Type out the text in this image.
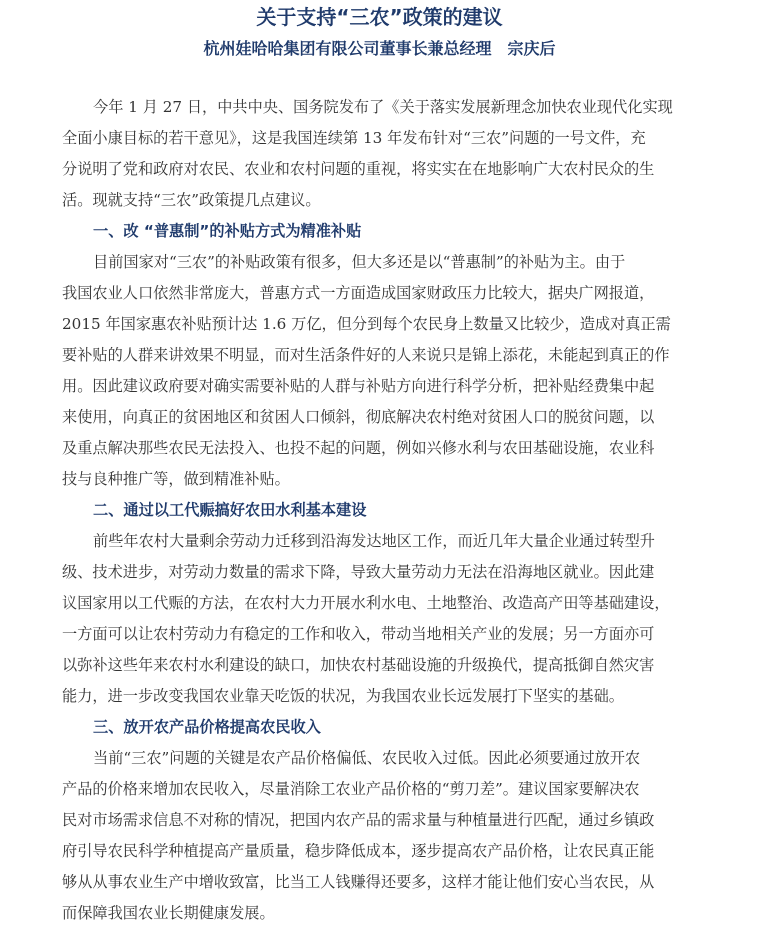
关于支持“三农”政策的建议
杭州娃哈哈集团有限公司董事长兼总经理　宗庆后
今年 1 月 27 日，中共中央、国务院发布了《关于落实发展新理念加快农业现代化实现
全面小康目标的若干意见》，这是我国连续第 13 年发布针对“三农”问题的一号文件，充
分说明了党和政府对农民、农业和农村问题的重视，将实实在在地影响广大农村民众的生
活。现就支持“三农”政策提几点建议。
一、改 “普惠制”的补贴方式为精准补贴
目前国家对“三农”的补贴政策有很多，但大多还是以“普惠制”的补贴为主。由于
我国农业人口依然非常庞大，普惠方式一方面造成国家财政压力比较大，据央广网报道，
2015 年国家惠农补贴预计达 1.6 万亿，但分到每个农民身上数量又比较少，造成对真正需
要补贴的人群来讲效果不明显，而对生活条件好的人来说只是锦上添花，未能起到真正的作
用。因此建议政府要对确实需要补贴的人群与补贴方向进行科学分析，把补贴经费集中起
来使用，向真正的贫困地区和贫困人口倾斜，彻底解决农村绝对贫困人口的脱贫问题，以
及重点解决那些农民无法投入、也投不起的问题，例如兴修水利与农田基础设施，农业科
技与良种推广等，做到精准补贴。
二、通过以工代赈搞好农田水利基本建设
前些年农村大量剩余劳动力迁移到沿海发达地区工作，而近几年大量企业通过转型升
级、技术进步，对劳动力数量的需求下降，导致大量劳动力无法在沿海地区就业。因此建
议国家用以工代赈的方法，在农村大力开展水利水电、土地整治、改造高产田等基础建设，
一方面可以让农村劳动力有稳定的工作和收入，带动当地相关产业的发展；另一方面亦可
以弥补这些年来农村水利建设的缺口，加快农村基础设施的升级换代，提高抵御自然灾害
能力，进一步改变我国农业靠天吃饭的状况，为我国农业长远发展打下坚实的基础。
三、放开农产品价格提高农民收入
当前“三农”问题的关键是农产品价格偏低、农民收入过低。因此必须要通过放开农
产品的价格来增加农民收入，尽量消除工农业产品价格的“剪刀差”。建议国家要解决农
民对市场需求信息不对称的情况，把国内农产品的需求量与种植量进行匹配，通过乡镇政
府引导农民科学种植提高产量质量，稳步降低成本，逐步提高农产品价格，让农民真正能
够从从事农业生产中增收致富，比当工人钱赚得还要多，这样才能让他们安心当农民，从
而保障我国农业长期健康发展。
